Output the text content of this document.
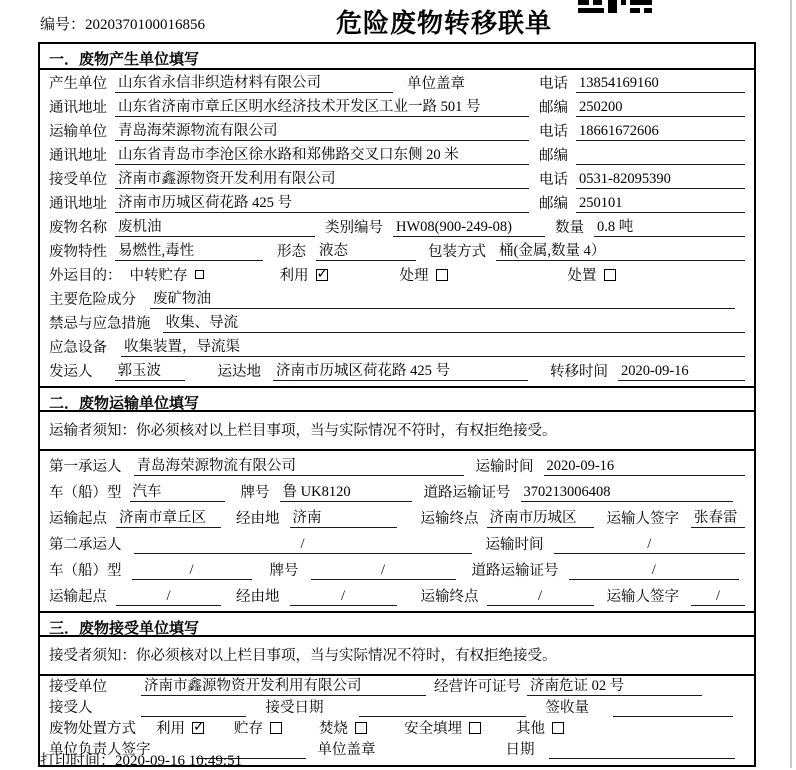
编号：2020370100016856	危险废物转移联单
一．废物产生单位填写
产生单位 山东省永信非织造材料有限公司	单位盖章	电话 13854169160
通讯地址 山东省济南市章丘区明水经济技术开发区工业一路 501 号	邮编 250200
运输单位 青岛海荣源物流有限公司	电话 18661672606
通讯地址 山东省青岛市李沧区徐水路和郑佛路交叉口东侧 20 米	邮编
接受单位 济南市鑫源物资开发利用有限公司	电话 0531-82095390
通讯地址 济南市历城区荷花路 425 号	邮编 250101
废物名称 废机油	类别编号 HW08(900-249-08)	数量 0.8 吨
废物特性 易燃性,毒性	形态 液态	包装方式 桶(金属,数量 4）
外运目的： 中转贮存	利用 ✓	处理	处置
主要危险成分 废矿物油
禁忌与应急措施 收集、导流
应急设备 收集装置，导流渠
发运人 郭玉波	运达地 济南市历城区荷花路 425 号	转移时间 2020-09-16
二．废物运输单位填写
运输者须知：你必须核对以上栏目事项，当与实际情况不符时，有权拒绝接受。
第一承运人 青岛海荣源物流有限公司	运输时间 2020-09-16
车（船）型 汽车	牌号 鲁 UK8120	道路运输证号 370213006408
运输起点 济南市章丘区	经由地 济南	运输终点 济南市历城区	运输人签字 张春雷
第二承运人	/	运输时间	/
车（船）型	/	牌号	/	道路运输证号	/
运输起点	/	经由地	/	运输终点	/	运输人签字	/
三．废物接受单位填写
接受者须知：你必须核对以上栏目事项，当与实际情况不符时，有权拒绝接受。
接受单位	济南市鑫源物资开发利用有限公司	经营许可证号 济南危证 02 号
接受人	接受日期	签收量
废物处置方式 利用 ✓	贮存	焚烧	安全填埋	其他
单位负责人签字	单位盖章	日期
打印时间：2020-09-16 10:49:51
